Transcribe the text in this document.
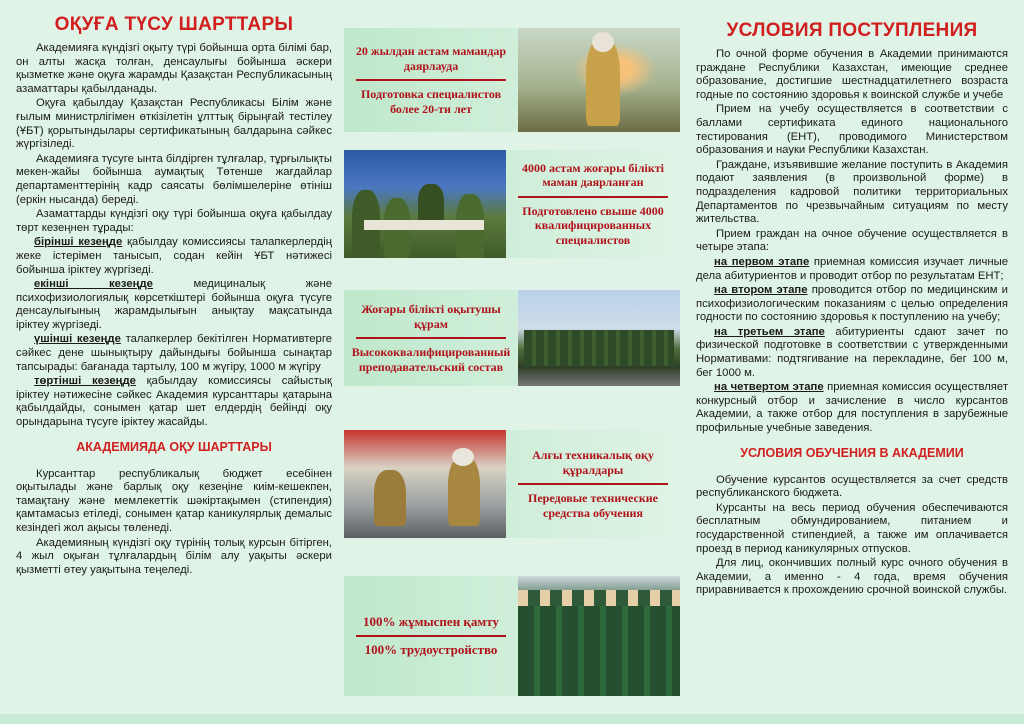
ОҚУҒА ТҮСУ ШАРТТАРЫ

Академияға күндізгі оқыту түрі бойынша орта білімі бар, он алты жасқа толған, денсаулығы бойынша әскери қызметке және оқуға жарамды Қазақстан Республикасының азаматтары қабылданады.

Оқуға қабылдау Қазақстан Республикасы Білім және ғылым министрлігімен өткізілетін ұлттық бірыңғай тестілеу (ҰБТ) қорытындылары сертификатының балдарына сәйкес жүргізіледі.

Академияға түсуге ынта білдірген тұлғалар, тұрғылықты мекен-жайы бойынша аумақтық Төтенше жағдайлар департаменттерінің кадр саясаты бөлімшелеріне өтініш (еркін нысанда) береді.

Азаматтарды күндізгі оқу түрі бойынша оқуға қабылдау төрт кезеңнен тұрады:

бірінші кезеңде қабылдау комиссиясы талапкерлердің жеке істерімен танысып, содан кейін ҰБТ нәтижесі бойынша іріктеу жүргізеді.

екінші кезеңде медициналық және психофизиологиялық көрсеткіштері бойынша оқуға түсуге денсаулығының жарамдылығын анықтау мақсатында іріктеу жүргізеді.

үшінші кезеңде талапкерлер бекітілген Нормативтерге сәйкес дене шынықтыру дайындығы бойынша сынақтар тапсырады: бағанада тартылу, 100 м жүгіру, 1000 м жүгіру

төртінші кезеңде қабылдау комиссиясы сайыстық іріктеу нәтижесіне сәйкес Академия курсанттары қатарына қабылдайды, сонымен қатар шет елдердің бейінді оқу орындарына түсуге іріктеу жасайды.

АКАДЕМИЯДА ОҚУ ШАРТТАРЫ

Курсанттар республикалық бюджет есебінен оқытылады және барлық оқу кезеңіне киім-кешекпен, тамақтану және мемлекеттік шәкіртақымен (стипендия) қамтамасыз етіледі, сонымен қатар каникулярлық демалыс кезіндегі жол ақысы төленеді.

Академияның күндізгі оқу түрінің толық курсын бітірген, 4 жыл оқыған тұлғалардың білім алу уақыты әскери қызметті өтеу уақытына теңеледі.

20 жылдан астам мамандар даярлауда
Подготовка специалистов более 20-ти лет
4000 астам жоғары білікті маман даярланған
Подготовлено свыше 4000 квалифицированных специалистов
Жоғары білікті оқытушы құрам
Высококвалифицированный преподавательский состав
Алғы техникалық оқу құралдары
Передовые технические средства обучения
100% жұмыспен қамту
100% трудоустройство
УСЛОВИЯ ПОСТУПЛЕНИЯ

По очной форме обучения в Академии принимаются граждане Республики Казахстан, имеющие среднее образование, достигшие шестнадцатилетнего возраста годные по состоянию здоровья к воинской службе и учебе

Прием на учебу осуществляется в соответствии с баллами сертификата единого национального тестирования (ЕНТ), проводимого Министерством образования и науки Республики Казахстан.

Граждане, изъявившие желание поступить в Академия подают заявления (в произвольной форме) в подразделения кадровой политики территориальных Департаментов по чрезвычайным ситуациям по месту жительства.

Прием граждан на очное обучение осуществляется в четыре этапа:

на первом этапе приемная комиссия изучает личные дела абитуриентов и проводит отбор по результатам ЕНТ;

на втором этапе проводится отбор по медицинским и психофизиологическим показаниям с целью определения годности по состоянию здоровья к поступлению на учебу;

на третьем этапе абитуриенты сдают зачет по физической подготовке в соответствии с утвержденными Нормативами: подтягивание на перекладине, бег 100 м, бег 1000 м.

на четвертом этапе приемная комиссия осуществляет конкурсный отбор и зачисление в число курсантов Академии, а также отбор для поступления в зарубежные профильные учебные заведения.

УСЛОВИЯ ОБУЧЕНИЯ В АКАДЕМИИ

Обучение курсантов осуществляется за счет средств республиканского бюджета.

Курсанты на весь период обучения обеспечиваются бесплатным обмундированием, питанием и государственной стипендией, а также им оплачивается проезд в период каникулярных отпусков.

Для лиц, окончивших полный курс очного обучения в Академии, а именно - 4 года, время обучения приравнивается к прохождению срочной воинской службы.
